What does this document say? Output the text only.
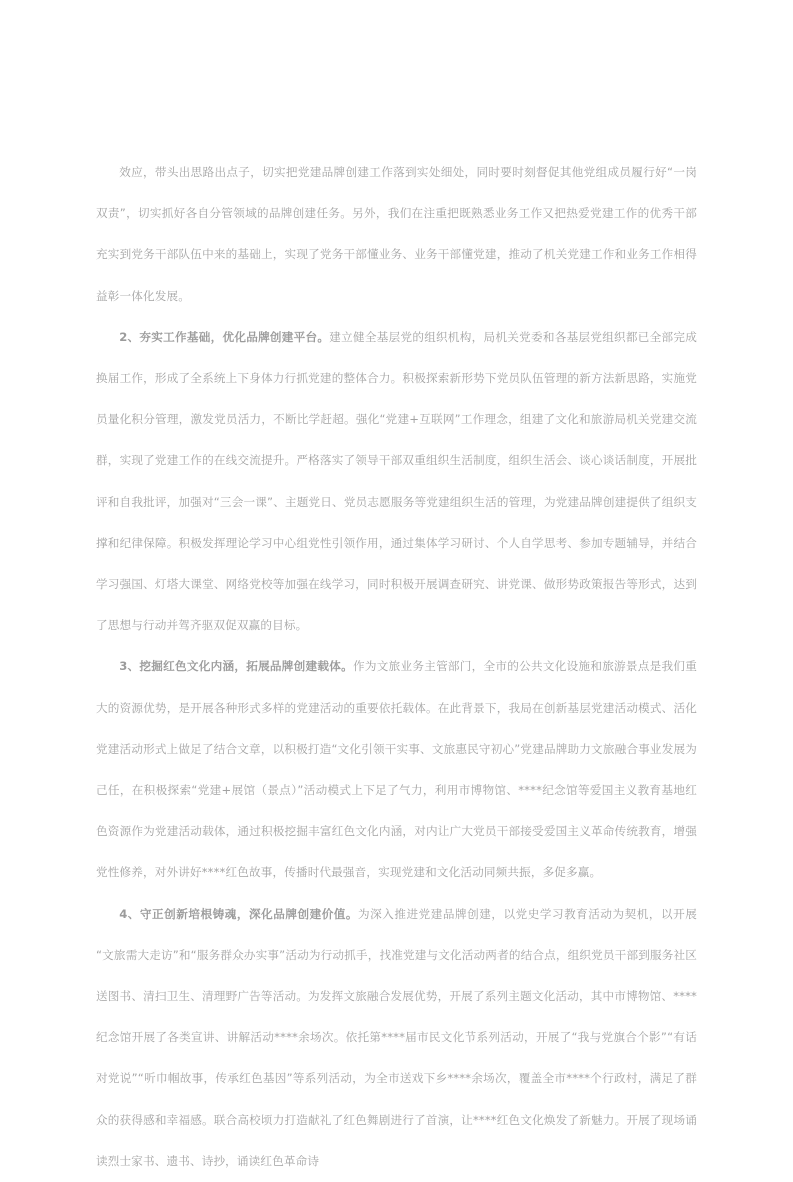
效应，带头出思路出点子，切实把党建品牌创建工作落到实处细处，同时要时刻督促其他党组成员履行好“一岗双责”，切实抓好各自分管领域的品牌创建任务。另外，我们在注重把既熟悉业务工作又把热爱党建工作的优秀干部充实到党务干部队伍中来的基础上，实现了党务干部懂业务、业务干部懂党建，推动了机关党建工作和业务工作相得益彰一体化发展。

2、夯实工作基础，优化品牌创建平台。建立健全基层党的组织机构，局机关党委和各基层党组织都已全部完成换届工作，形成了全系统上下身体力行抓党建的整体合力。积极探索新形势下党员队伍管理的新方法新思路，实施党员量化积分管理，激发党员活力，不断比学赶超。强化“党建+互联网”工作理念，组建了文化和旅游局机关党建交流群，实现了党建工作的在线交流提升。严格落实了领导干部双重组织生活制度，组织生活会、谈心谈话制度，开展批评和自我批评，加强对“三会一课”、主题党日、党员志愿服务等党建组织生活的管理，为党建品牌创建提供了组织支撑和纪律保障。积极发挥理论学习中心组党性引领作用，通过集体学习研讨、个人自学思考、参加专题辅导，并结合学习强国、灯塔大课堂、网络党校等加强在线学习，同时积极开展调查研究、讲党课、做形势政策报告等形式，达到了思想与行动并驾齐驱双促双赢的目标。

3、挖掘红色文化内涵，拓展品牌创建载体。作为文旅业务主管部门，全市的公共文化设施和旅游景点是我们重大的资源优势，是开展各种形式多样的党建活动的重要依托载体。在此背景下，我局在创新基层党建活动模式、活化党建活动形式上做足了结合文章，以积极打造“文化引领干实事、文旅惠民守初心”党建品牌助力文旅融合事业发展为己任，在积极探索“党建+展馆（景点）”活动模式上下足了气力，利用市博物馆、****纪念馆等爱国主义教育基地红色资源作为党建活动载体，通过积极挖掘丰富红色文化内涵，对内让广大党员干部接受爱国主义革命传统教育，增强党性修养，对外讲好****红色故事，传播时代最强音，实现党建和文化活动同频共振，多促多赢。

4、守正创新培根铸魂，深化品牌创建价值。为深入推进党建品牌创建，以党史学习教育活动为契机，以开展“文旅需大走访”和“服务群众办实事”活动为行动抓手，找准党建与文化活动两者的结合点，组织党员干部到服务社区送图书、清扫卫生、清理野广告等活动。为发挥文旅融合发展优势，开展了系列主题文化活动，其中市博物馆、****纪念馆开展了各类宣讲、讲解活动****余场次。依托第****届市民文化节系列活动，开展了“我与党旗合个影”“有话对党说”“听巾帼故事，传承红色基因”等系列活动，为全市送戏下乡****余场次，覆盖全市****个行政村，满足了群众的获得感和幸福感。联合高校顷力打造献礼了红色舞剧进行了首演，让****红色文化焕发了新魅力。开展了现场诵读烈士家书、遗书、诗抄，诵读红色革命诗
